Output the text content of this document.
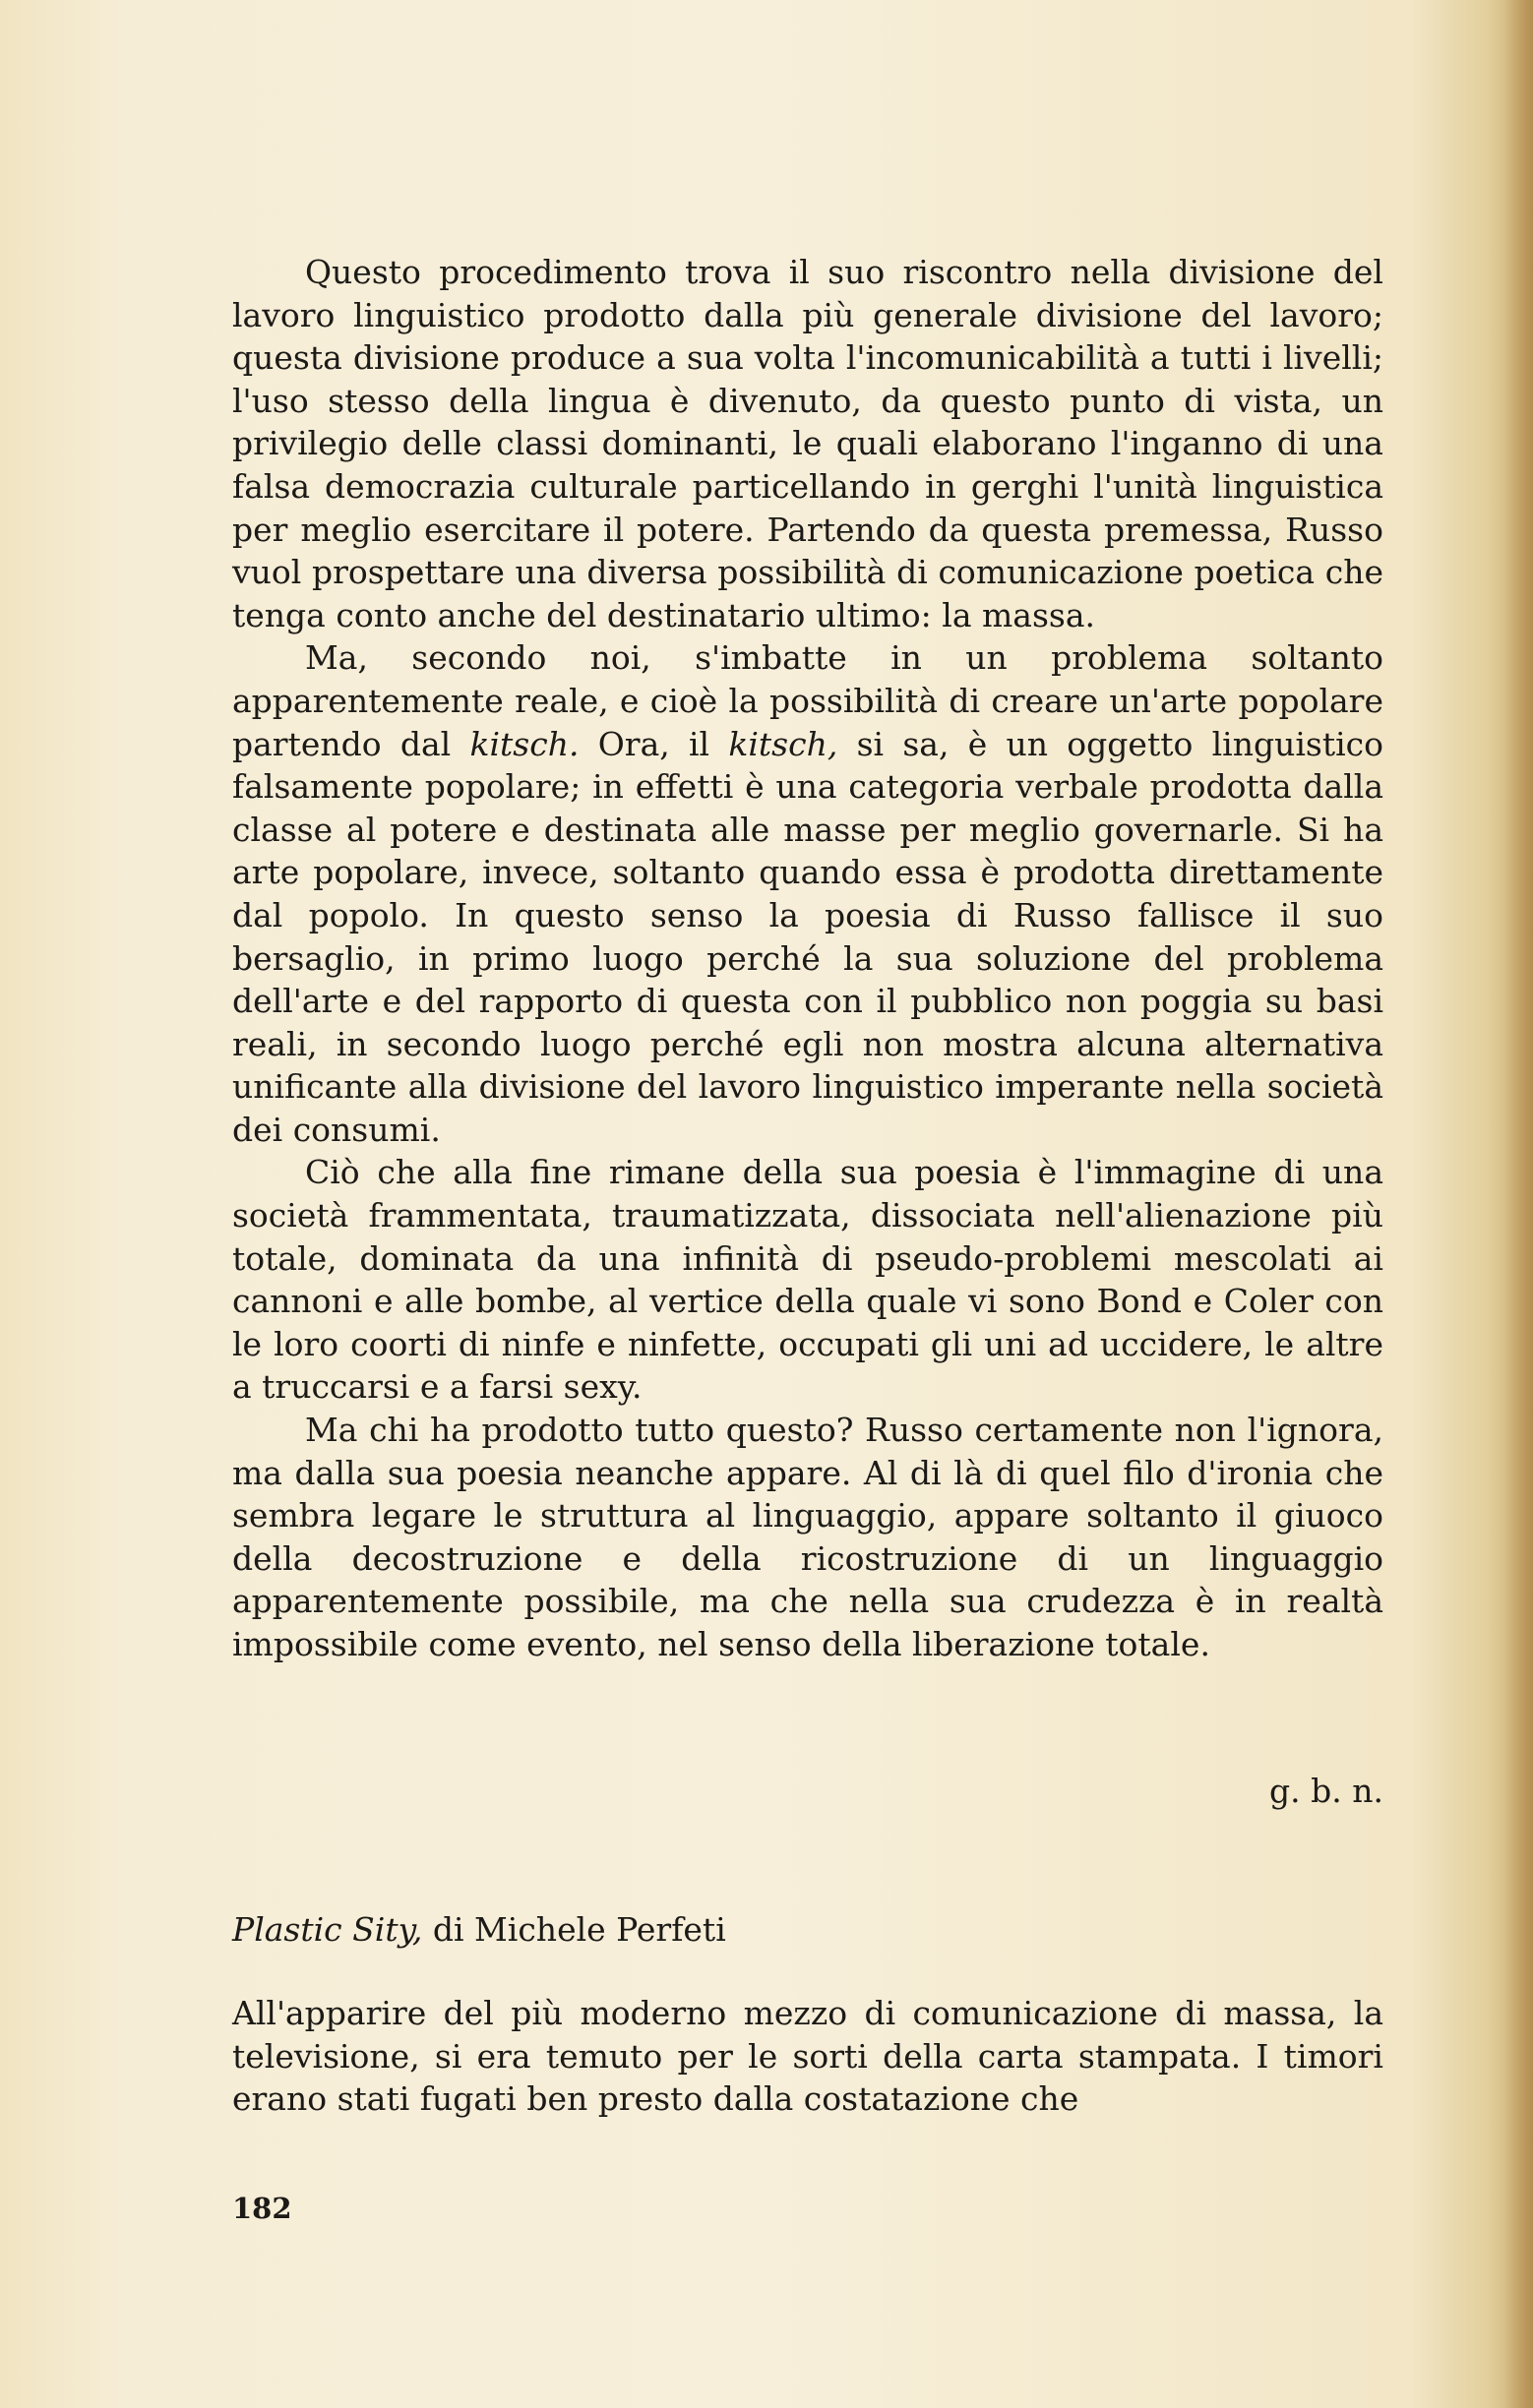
Questo procedimento trova il suo riscontro nella divisione del lavoro linguistico prodotto dalla più generale divisione del lavoro; questa divisione produce a sua volta l'incomunicabilità a tutti i livelli; l'uso stesso della lingua è divenuto, da questo punto di vista, un privilegio delle classi dominanti, le quali elaborano l'inganno di una falsa democrazia culturale particellando in gerghi l'unità linguistica per meglio esercitare il potere. Partendo da questa premessa, Russo vuol prospettare una diversa possibilità di comunicazione poetica che tenga conto anche del destinatario ultimo: la massa.

Ma, secondo noi, s'imbatte in un problema soltanto apparentemente reale, e cioè la possibilità di creare un'arte popolare partendo dal kitsch. Ora, il kitsch, si sa, è un oggetto linguistico falsamente popolare; in effetti è una categoria verbale prodotta dalla classe al potere e destinata alle masse per meglio governarle. Si ha arte popolare, invece, soltanto quando essa è prodotta direttamente dal popolo. In questo senso la poesia di Russo fallisce il suo bersaglio, in primo luogo perché la sua soluzione del problema dell'arte e del rapporto di questa con il pubblico non poggia su basi reali, in secondo luogo perché egli non mostra alcuna alternativa unificante alla divisione del lavoro linguistico imperante nella società dei consumi.

Ciò che alla fine rimane della sua poesia è l'immagine di una società frammentata, traumatizzata, dissociata nell'alienazione più totale, dominata da una infinità di pseudo-problemi mescolati ai cannoni e alle bombe, al vertice della quale vi sono Bond e Coler con le loro coorti di ninfe e ninfette, occupati gli uni ad uccidere, le altre a truccarsi e a farsi sexy.

Ma chi ha prodotto tutto questo? Russo certamente non l'ignora, ma dalla sua poesia neanche appare. Al di là di quel filo d'ironia che sembra legare le struttura al linguaggio, appare soltanto il giuoco della decostruzione e della ricostruzione di un linguaggio apparentemente possibile, ma che nella sua crudezza è in realtà impossibile come evento, nel senso della liberazione totale.

g. b. n.
Plastic Sity, di Michele Perfeti

All'apparire del più moderno mezzo di comunicazione di massa, la televisione, si era temuto per le sorti della carta stampata. I timori erano stati fugati ben presto dalla costatazione che

182
